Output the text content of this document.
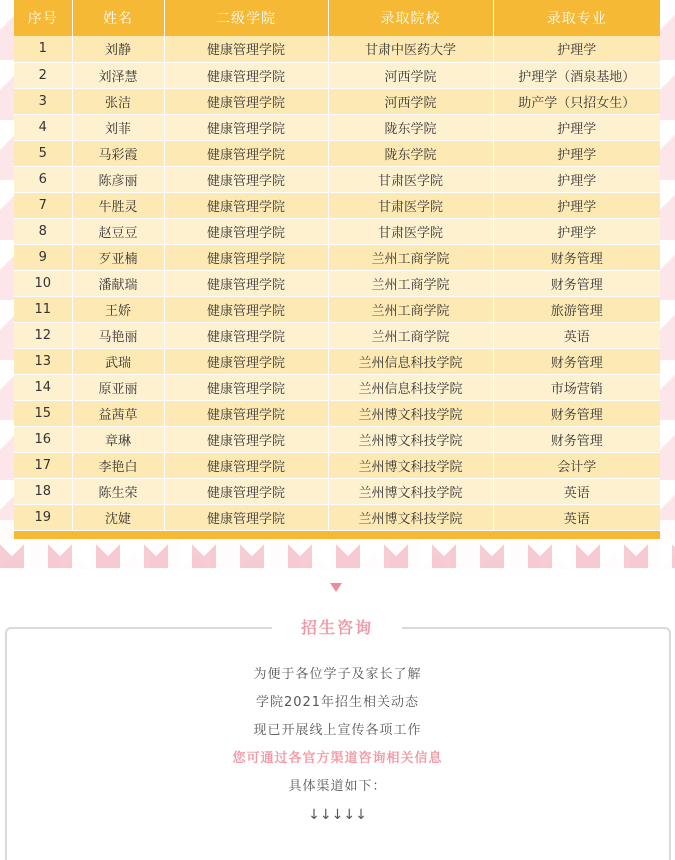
序号	姓名	二级学院	录取院校	录取专业
1	刘静	健康管理学院	甘肃中医药大学	护理学
2	刘泽慧	健康管理学院	河西学院	护理学（酒泉基地）
3	张洁	健康管理学院	河西学院	助产学（只招女生）
4	刘菲	健康管理学院	陇东学院	护理学
5	马彩霞	健康管理学院	陇东学院	护理学
6	陈彦丽	健康管理学院	甘肃医学院	护理学
7	牛胜灵	健康管理学院	甘肃医学院	护理学
8	赵豆豆	健康管理学院	甘肃医学院	护理学
9	歹亚楠	健康管理学院	兰州工商学院	财务管理
10	潘献瑞	健康管理学院	兰州工商学院	财务管理
11	王娇	健康管理学院	兰州工商学院	旅游管理
12	马艳丽	健康管理学院	兰州工商学院	英语
13	武瑞	健康管理学院	兰州信息科技学院	财务管理
14	原亚丽	健康管理学院	兰州信息科技学院	市场营销
15	益茜草	健康管理学院	兰州博文科技学院	财务管理
16	章琳	健康管理学院	兰州博文科技学院	财务管理
17	李艳白	健康管理学院	兰州博文科技学院	会计学
18	陈生荣	健康管理学院	兰州博文科技学院	英语
19	沈婕	健康管理学院	兰州博文科技学院	英语
招生咨询
为便于各位学子及家长了解
学院2021年招生相关动态
现已开展线上宣传各项工作
您可通过各官方渠道咨询相关信息
具体渠道如下：
↓↓↓↓↓
